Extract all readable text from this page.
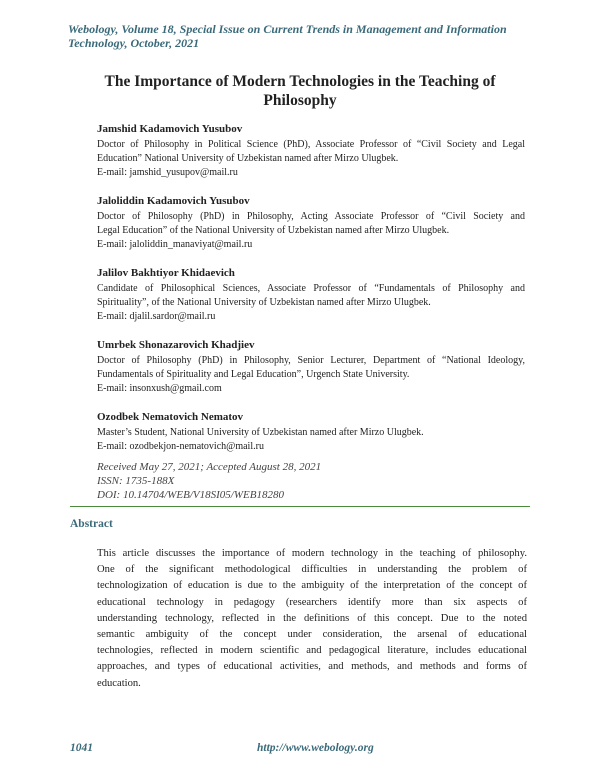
Webology, Volume 18, Special Issue on Current Trends in Management and Information
Technology, October, 2021
The Importance of Modern Technologies in the Teaching of
Philosophy
Jamshid Kadamovich Yusubov
Doctor of Philosophy in Political Science (PhD), Associate Professor of “Civil Society and Legal
Education” National University of Uzbekistan named after Mirzo Ulugbek.
E-mail: jamshid_yusupov@mail.ru
Jaloliddin Kadamovich Yusubov
Doctor of Philosophy (PhD) in Philosophy, Acting Associate Professor of “Civil Society and
Legal Education” of the National University of Uzbekistan named after Mirzo Ulugbek.
E-mail: jaloliddin_manaviyat@mail.ru
Jalilov Bakhtiyor Khidaevich
Candidate of Philosophical Sciences, Associate Professor of “Fundamentals of Philosophy and
Spirituality”, of the National University of Uzbekistan named after Mirzo Ulugbek.
E-mail: djalil.sardor@mail.ru
Umrbek Shonazarovich Khadjiev
Doctor of Philosophy (PhD) in Philosophy, Senior Lecturer, Department of “National Ideology,
Fundamentals of Spirituality and Legal Education”, Urgench State University.
E-mail: insonxush@gmail.com
Ozodbek Nematovich Nematov
Master’s Student, National University of Uzbekistan named after Mirzo Ulugbek.
E-mail: ozodbekjon-nematovich@mail.ru
Received May 27, 2021; Accepted August 28, 2021
ISSN: 1735-188X
DOI: 10.14704/WEB/V18SI05/WEB18280
Abstract
This article discusses the importance of modern technology in the teaching of philosophy.
One of the significant methodological difficulties in understanding the problem of
technologization of education is due to the ambiguity of the interpretation of the concept of
educational technology in pedagogy (researchers identify more than six aspects of
understanding technology, reflected in the definitions of this concept. Due to the noted
semantic ambiguity of the concept under consideration, the arsenal of educational
technologies, reflected in modern scientific and pedagogical literature, includes educational
approaches, and types of educational activities, and methods, and methods and forms of
education.
1041	http://www.webology.org
